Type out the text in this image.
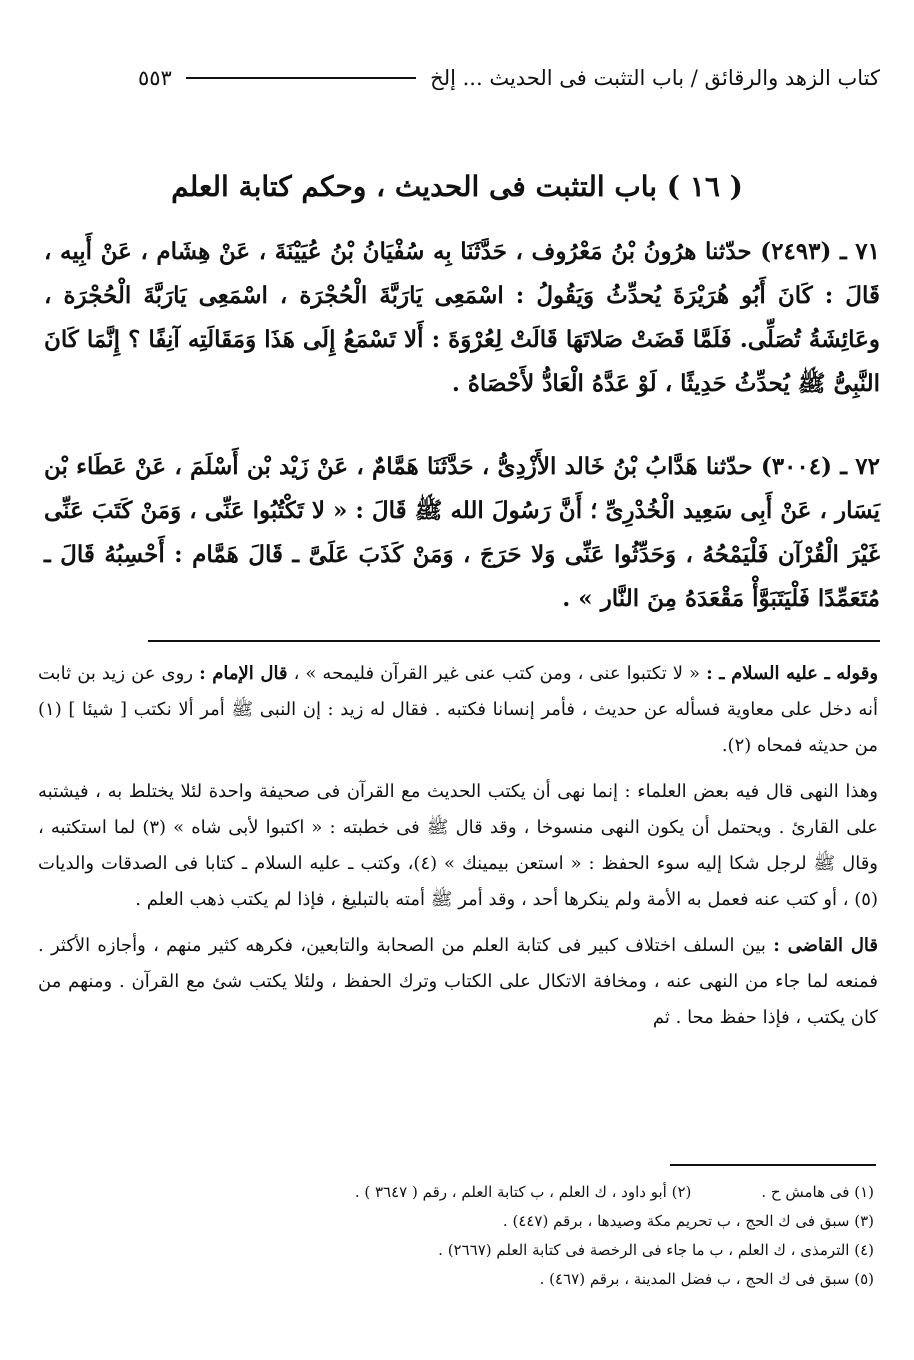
كتاب الزهد والرقائق / باب التثبت فى الحديث ... إلخ
٥٥٣
( ١٦ ) باب التثبت فى الحديث ، وحكم كتابة العلم
٧١ ـ (٢٤٩٣) حدّثنا هرُونُ بْنُ مَعْرُوف ، حَدَّثَنَا بِه سُفْيَانُ بْنُ عُيَيْنَةَ ، عَنْ هِشَام ، عَنْ أَبِيه ، قَالَ : كَانَ أَبُو هُرَيْرَةَ يُحدِّثُ وَيَقُولُ : اسْمَعِى يَارَبَّةَ الْحُجْرَة ، اسْمَعِى يَارَبَّةَ الْحُجْرَة ، وعَائِشَةُ تُصَلِّى. فَلَمَّا قَضَتْ صَلاتَهَا قَالَتْ لِعُرْوَةَ : أَلا تَسْمَعُ إِلَى هَذَا وَمَقَالَتِه آنِفًا ؟ إِنَّمَا كَانَ النَّبِىُّ ﷺ يُحدِّثُ حَدِيثًا ، لَوْ عَدَّهُ الْعَادُّ لأَحْصَاهُ .
٧٢ ـ (٣٠٠٤) حدّثنا هَدَّابُ بْنُ خَالد الأَزْدِىُّ ، حَدَّثَنَا هَمَّامٌ ، عَنْ زَيْد بْن أَسْلَمَ ، عَنْ عَطَاء بْن يَسَار ، عَنْ أَبِى سَعِيد الْخُدْرِىِّ ؛ أَنَّ رَسُولَ الله ﷺ قَالَ : « لا تَكْتُبُوا عَنِّى ، وَمَنْ كَتَبَ عَنِّى غَيْرَ الْقُرْآن فَلْيَمْحُهُ ، وَحَدِّثُوا عَنِّى وَلا حَرَجَ ، وَمَنْ كَذَبَ عَلَىَّ ـ قَالَ هَمَّام : أَحْسِبُهُ قَالَ ـ مُتَعَمِّدًا فَلْيَتَبَوَّأْ مَقْعَدَهُ مِنَ النَّار » .

وقوله ـ عليه السلام ـ : « لا تكتبوا عنى ، ومن كتب عنى غير القرآن فليمحه » ، قال الإمام : روى عن زيد بن ثابت أنه دخل على معاوية فسأله عن حديث ، فأمر إنسانا فكتبه . فقال له زيد : إن النبى ﷺ أمر ألا نكتب [ شيئا ] (١) من حديثه فمحاه (٢).

وهذا النهى قال فيه بعض العلماء : إنما نهى أن يكتب الحديث مع القرآن فى صحيفة واحدة لئلا يختلط به ، فيشتبه على القارئ . ويحتمل أن يكون النهى منسوخا ، وقد قال ﷺ فى خطبته : « اكتبوا لأبى شاه » (٣) لما استكتبه ، وقال ﷺ لرجل شكا إليه سوء الحفظ : « استعن بيمينك » (٤)، وكتب ـ عليه السلام ـ كتابا فى الصدقات والديات (٥) ، أو كتب عنه فعمل به الأمة ولم ينكرها أحد ، وقد أمر ﷺ أمته بالتبليغ ، فإذا لم يكتب ذهب العلم .

قال القاضى : بين السلف اختلاف كبير فى كتابة العلم من الصحابة والتابعين، فكرهه كثير منهم ، وأجازه الأكثر . فمنعه لما جاء من النهى عنه ، ومخافة الاتكال على الكتاب وترك الحفظ ، ولئلا يكتب شئ مع القرآن . ومنهم من كان يكتب ، فإذا حفظ محا . ثم

(١) فى هامش ح .
(٢) أبو داود ، ك العلم ، ب كتابة العلم ، رقم ( ٣٦٤٧ ) .
(٣) سبق فى ك الحج ، ب تحريم مكة وصيدها ، برقم (٤٤٧) .
(٤) الترمذى ، ك العلم ، ب ما جاء فى الرخصة فى كتابة العلم (٢٦٦٧) .
(٥) سبق فى ك الحج ، ب فضل المدينة ، برقم (٤٦٧) .
